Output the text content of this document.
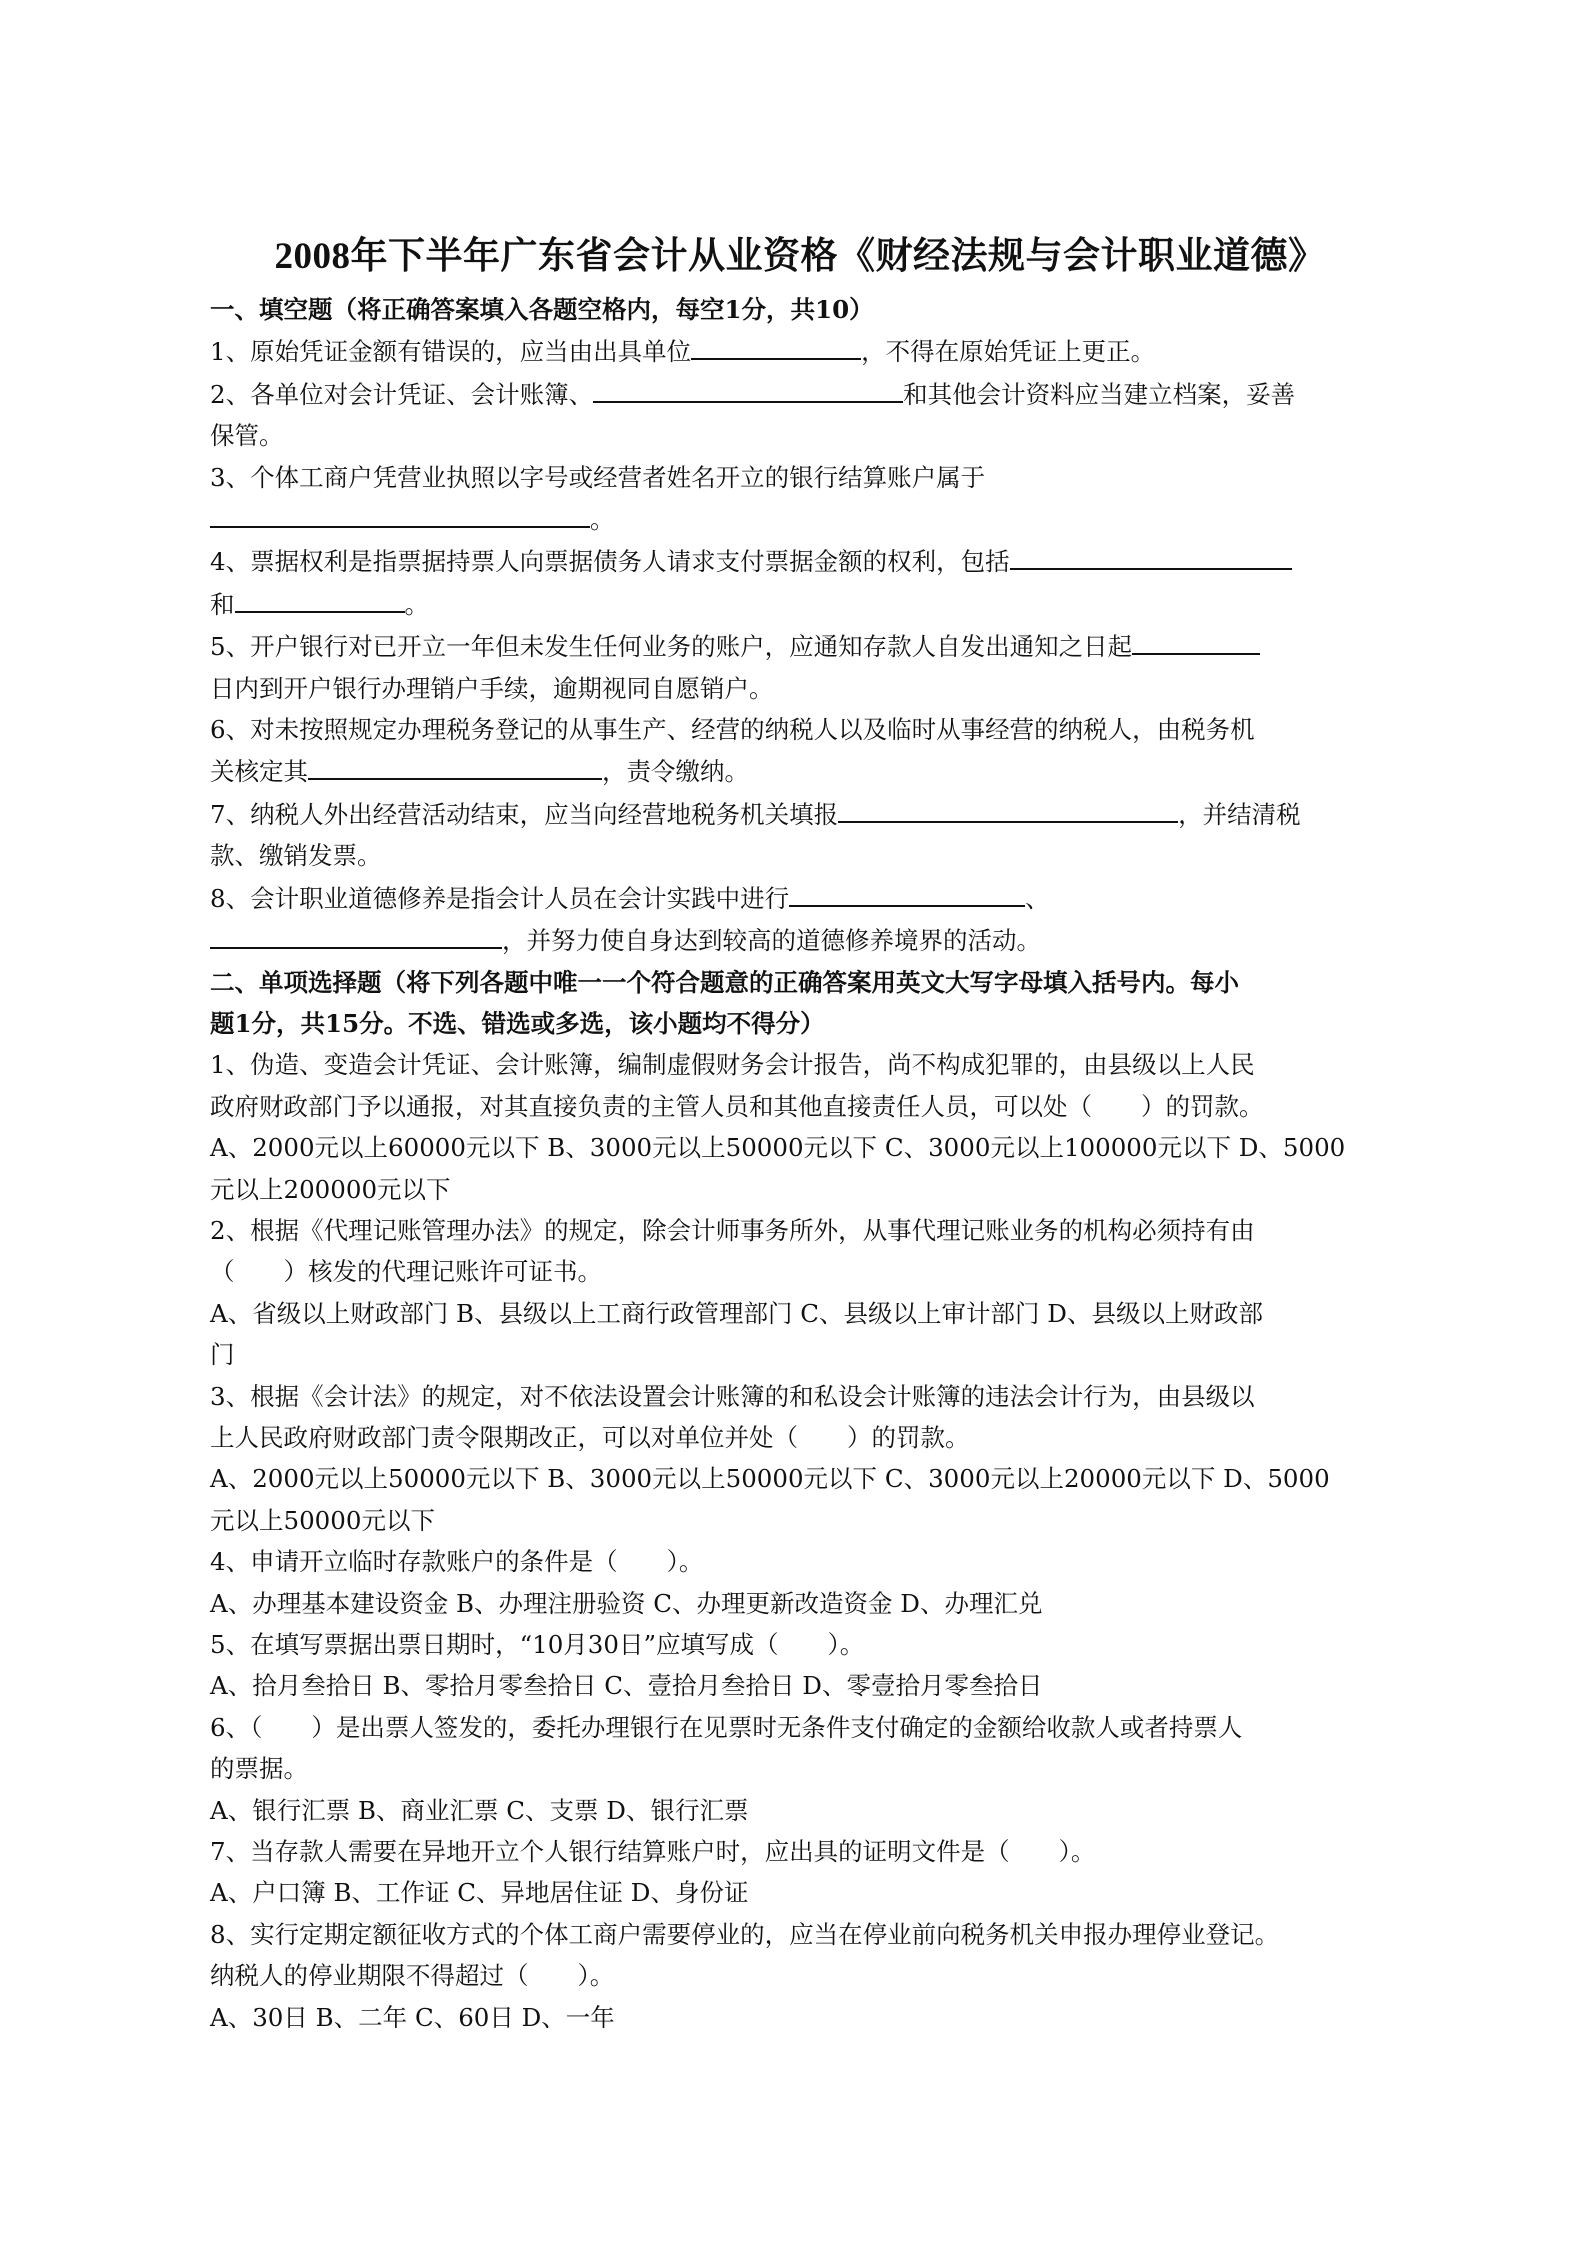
2008年下半年广东省会计从业资格《财经法规与会计职业道德》
一、填空题（将正确答案填入各题空格内，每空1分，共10）
1、原始凭证金额有错误的，应当由出具单位	，不得在原始凭证上更正。
2、各单位对会计凭证、会计账簿、	和其他会计资料应当建立档案，妥善
保管。
3、个体工商户凭营业执照以字号或经营者姓名开立的银行结算账户属于
。
4、票据权利是指票据持票人向票据债务人请求支付票据金额的权利，包括
和	。
5、开户银行对已开立一年但未发生任何业务的账户，应通知存款人自发出通知之日起
日内到开户银行办理销户手续，逾期视同自愿销户。
6、对未按照规定办理税务登记的从事生产、经营的纳税人以及临时从事经营的纳税人，由税务机
关核定其	，责令缴纳。
7、纳税人外出经营活动结束，应当向经营地税务机关填报	，并结清税
款、缴销发票。
8、会计职业道德修养是指会计人员在会计实践中进行	、
，并努力使自身达到较高的道德修养境界的活动。
二、单项选择题（将下列各题中唯一一个符合题意的正确答案用英文大写字母填入括号内。每小
题1分，共15分。不选、错选或多选，该小题均不得分）
1、伪造、变造会计凭证、会计账簿，编制虚假财务会计报告，尚不构成犯罪的，由县级以上人民
政府财政部门予以通报，对其直接负责的主管人员和其他直接责任人员，可以处（　　）的罚款。
A、2000元以上60000元以下 B、3000元以上50000元以下 C、3000元以上100000元以下 D、5000
元以上200000元以下
2、根据《代理记账管理办法》的规定，除会计师事务所外，从事代理记账业务的机构必须持有由
（　　）核发的代理记账许可证书。
A、省级以上财政部门 B、县级以上工商行政管理部门 C、县级以上审计部门 D、县级以上财政部
门
3、根据《会计法》的规定，对不依法设置会计账簿的和私设会计账簿的违法会计行为，由县级以
上人民政府财政部门责令限期改正，可以对单位并处（　　）的罚款。
A、2000元以上50000元以下 B、3000元以上50000元以下 C、3000元以上20000元以下 D、5000
元以上50000元以下
4、申请开立临时存款账户的条件是（　　）。
A、办理基本建设资金 B、办理注册验资 C、办理更新改造资金 D、办理汇兑
5、在填写票据出票日期时，“10月30日”应填写成（　　）。
A、拾月叁拾日 B、零拾月零叁拾日 C、壹拾月叁拾日 D、零壹拾月零叁拾日
6、（　　）是出票人签发的，委托办理银行在见票时无条件支付确定的金额给收款人或者持票人
的票据。
A、银行汇票 B、商业汇票 C、支票 D、银行汇票
7、当存款人需要在异地开立个人银行结算账户时，应出具的证明文件是（　　）。
A、户口簿 B、工作证 C、异地居住证 D、身份证
8、实行定期定额征收方式的个体工商户需要停业的，应当在停业前向税务机关申报办理停业登记。
纳税人的停业期限不得超过（　　）。
A、30日 B、二年 C、60日 D、一年
